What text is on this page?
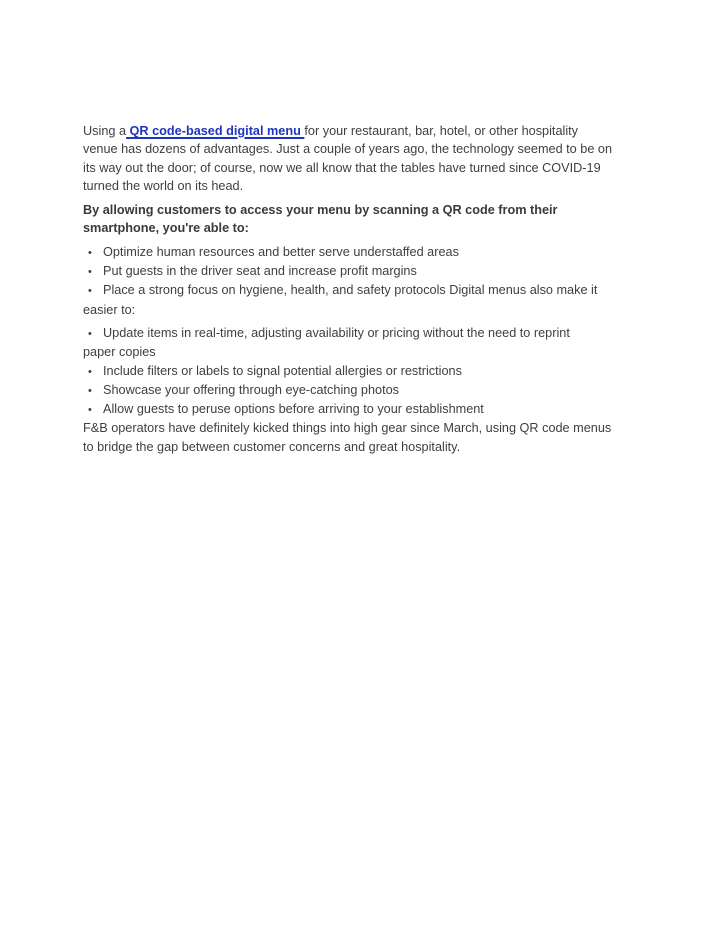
Using a QR code-based digital menu for your restaurant, bar, hotel, or other hospitality
venue has dozens of advantages. Just a couple of years ago, the technology seemed to be on
its way out the door; of course, now we all know that the tables have turned since COVID-19
turned the world on its head.
By allowing customers to access your menu by scanning a QR code from their
smartphone, you're able to:
• Optimize human resources and better serve understaffed areas
• Put guests in the driver seat and increase profit margins
• Place a strong focus on hygiene, health, and safety protocols Digital menus also make it
easier to:
• Update items in real-time, adjusting availability or pricing without the need to reprint
paper copies
• Include filters or labels to signal potential allergies or restrictions
• Showcase your offering through eye-catching photos
• Allow guests to peruse options before arriving to your establishment
F&B operators have definitely kicked things into high gear since March, using QR code menus
to bridge the gap between customer concerns and great hospitality.
